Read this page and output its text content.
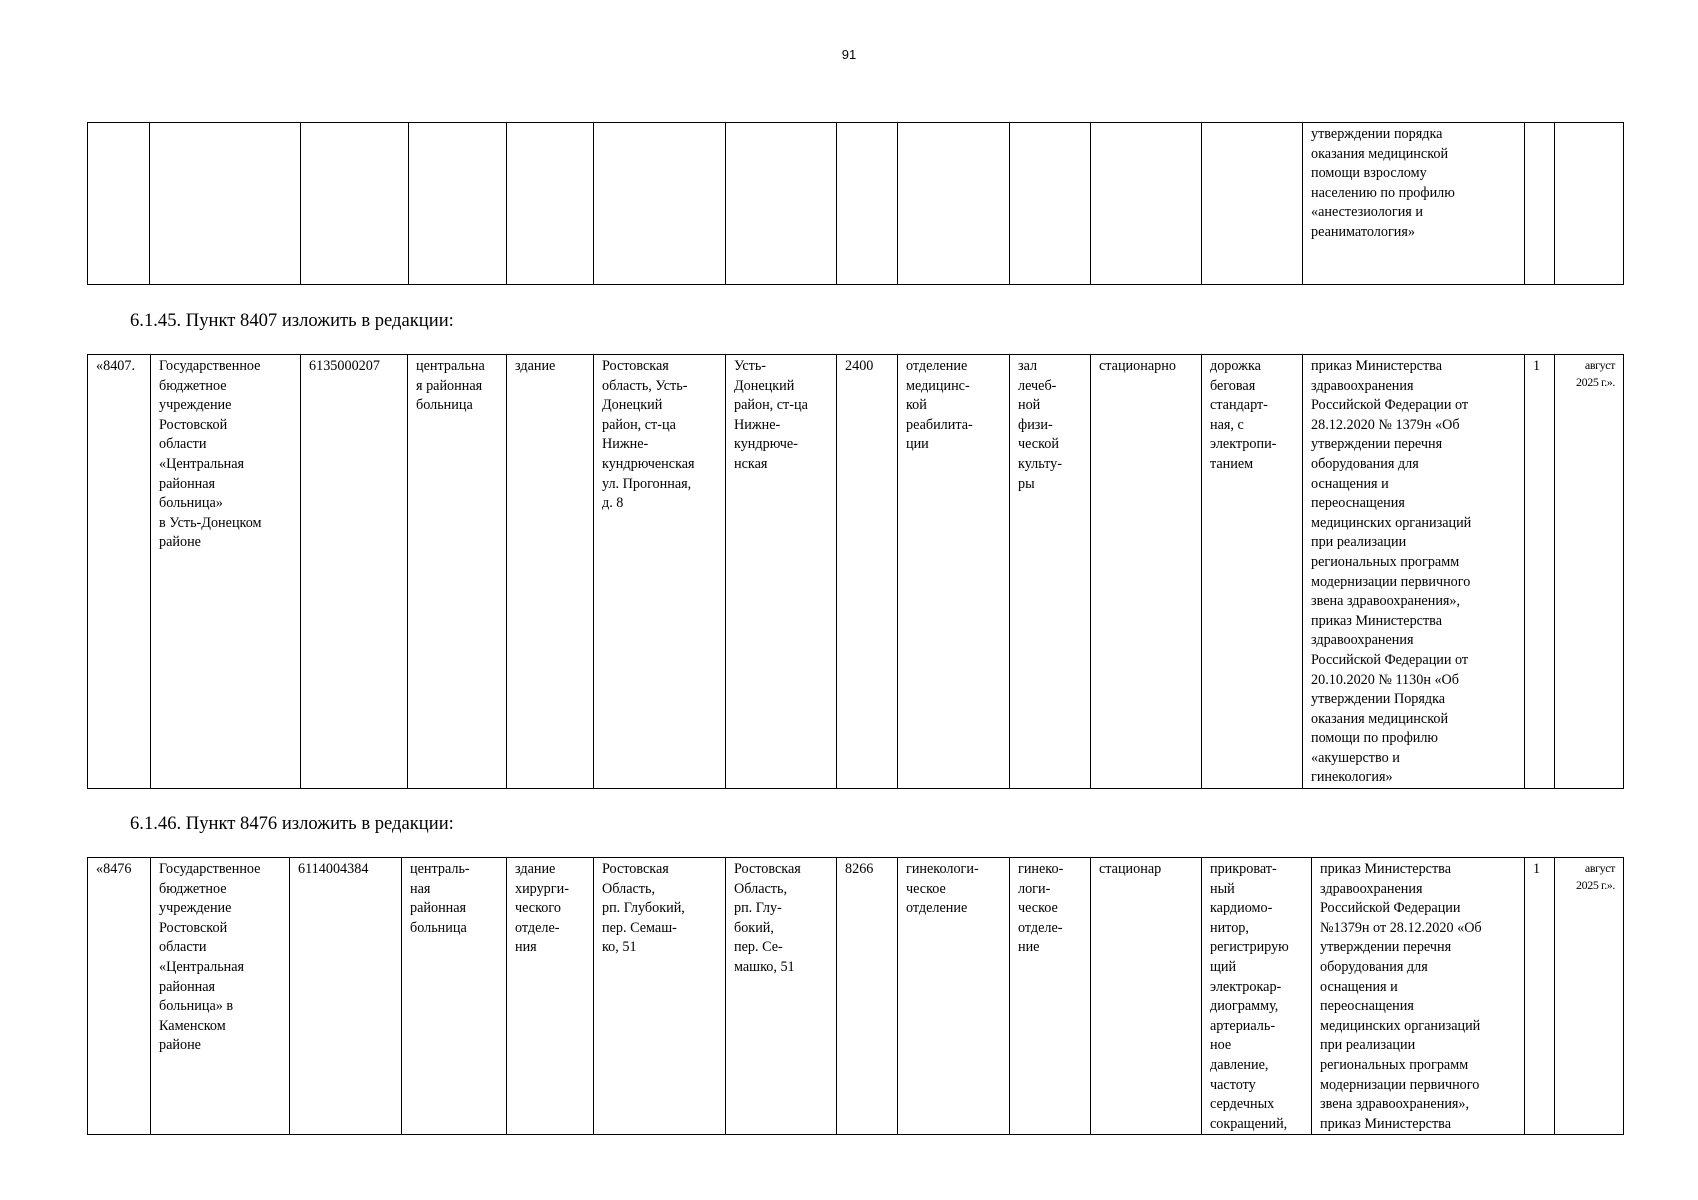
91
												утверждении порядка
оказания медицинской
помощи взрослому
населению по профилю
«анестезиология и
реаниматология»		
6.1.45. Пункт 8407 изложить в редакции:
«8407.	Государственное
бюджетное
учреждение
Ростовской
области
«Центральная
районная
больница»
в Усть-Донецком
районе	6135000207	центральна
я районная
больница	здание	Ростовская
область, Усть-
Донецкий
район, ст-ца
Нижне-
кундрюченская
ул. Прогонная,
д. 8	Усть-
Донецкий
район, ст-ца
Нижне-
кундрюче-
нская	2400	отделение
медицинс-
кой
реабилита-
ции	зал
лечеб-
ной
физи-
ческой
культу-
ры	стационарно	дорожка
беговая
стандарт-
ная, с
электропи-
танием	приказ Министерства
здравоохранения
Российской Федерации от
28.12.2020 № 1379н «Об
утверждении перечня
оборудования для
оснащения и
переоснащения
медицинских организаций
при реализации
региональных программ
модернизации первичного
звена здравоохранения»,
приказ Министерства
здравоохранения
Российской Федерации от
20.10.2020 № 1130н «Об
утверждении Порядка
оказания медицинской
помощи по профилю
«акушерство и
гинекология»	1	август
2025 г.».
6.1.46. Пункт 8476 изложить в редакции:
«8476	Государственное
бюджетное
учреждение
Ростовской
области
«Центральная
районная
больница» в
Каменском
районе	6114004384	централь-
ная
районная
больница	здание
хирурги-
ческого
отделе-
ния	Ростовская
Область,
рп. Глубокий,
пер. Семаш-
ко, 51	Ростовская
Область,
рп. Глу-
бокий,
пер. Се-
машко, 51	8266	гинекологи-
ческое
отделение	гинеко-
логи-
ческое
отделе-
ние	стационар	прикроват-
ный
кардиомо-
нитор,
регистрирую
щий
электрокар-
диограмму,
артериаль-
ное
давление,
частоту
сердечных
сокращений,	приказ Министерства
здравоохранения
Российской Федерации
№1379н от 28.12.2020 «Об
утверждении перечня
оборудования для
оснащения и
переоснащения
медицинских организаций
при реализации
региональных программ
модернизации первичного
звена здравоохранения»,
приказ Министерства	1	август
2025 г.».
